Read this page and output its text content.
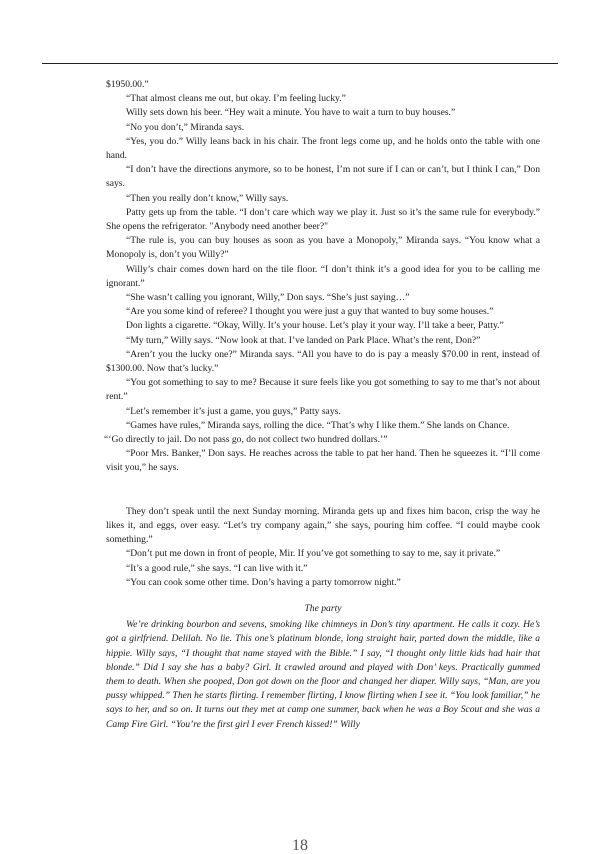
$1950.00.”

“That almost cleans me out, but okay. I’m feeling lucky.”

Willy sets down his beer. “Hey wait a minute. You have to wait a turn to buy houses.”

“No you don’t,” Miranda says.

“Yes, you do.” Willy leans back in his chair. The front legs come up, and he holds onto the table with one hand.

“I don’t have the directions anymore, so to be honest, I’m not sure if I can or can’t, but I think I can,” Don says.

“Then you really don’t know,” Willy says.

Patty gets up from the table. “I don’t care which way we play it. Just so it’s the same rule for everybody.” She opens the refrigerator. "Anybody need another beer?"

“The rule is, you can buy houses as soon as you have a Monopoly,” Miranda says. “You know what a Monopoly is, don’t you Willy?”

Willy’s chair comes down hard on the tile floor. “I don’t think it’s a good idea for you to be calling me ignorant.”

“She wasn’t calling you ignorant, Willy,” Don says. “She’s just saying…”

“Are you some kind of referee? I thought you were just a guy that wanted to buy some houses.”

Don lights a cigarette. “Okay, Willy. It’s your house. Let’s play it your way. I’ll take a beer, Patty.”

“My turn,” Willy says. “Now look at that. I’ve landed on Park Place. What’s the rent, Don?”

“Aren’t you the lucky one?” Miranda says. “All you have to do is pay a measly $70.00 in rent, instead of $1300.00. Now that’s lucky.”

“You got something to say to me? Because it sure feels like you got something to say to me that’s not about rent.”

“Let’s remember it’s just a game, you guys,” Patty says.

“Games have rules,” Miranda says, rolling the dice. “That’s why I like them.” She lands on Chance.

“‘Go directly to jail. Do not pass go, do not collect two hundred dollars.’”

“Poor Mrs. Banker,” Don says. He reaches across the table to pat her hand. Then he squeezes it. “I’ll come visit you,” he says.

They don’t speak until the next Sunday morning. Miranda gets up and fixes him bacon, crisp the way he likes it, and eggs, over easy. “Let’s try company again,” she says, pouring him coffee. “I could maybe cook something.”

“Don’t put me down in front of people, Mir. If you’ve got something to say to me, say it private.”

“It’s a good rule,” she says. “I can live with it.”

“You can cook some other time. Don’s having a party tomorrow night.”

The party

We’re drinking bourbon and sevens, smoking like chimneys in Don’s tiny apartment. He calls it cozy. He’s got a girlfriend. Delilah. No lie. This one’s platinum blonde, long straight hair, parted down the middle, like a hippie. Willy says, “I thought that name stayed with the Bible.” I say, “I thought only little kids had hair that blonde.” Did I say she has a baby? Girl. It crawled around and played with Don’ keys. Practically gummed them to death. When she pooped, Don got down on the floor and changed her diaper. Willy says, “Man, are you pussy whipped.” Then he starts flirting. I remember flirting, I know flirting when I see it. “You look familiar,” he says to her, and so on. It turns out they met at camp one summer, back when he was a Boy Scout and she was a Camp Fire Girl. “You’re the first girl I ever French kissed!” Willy

18
